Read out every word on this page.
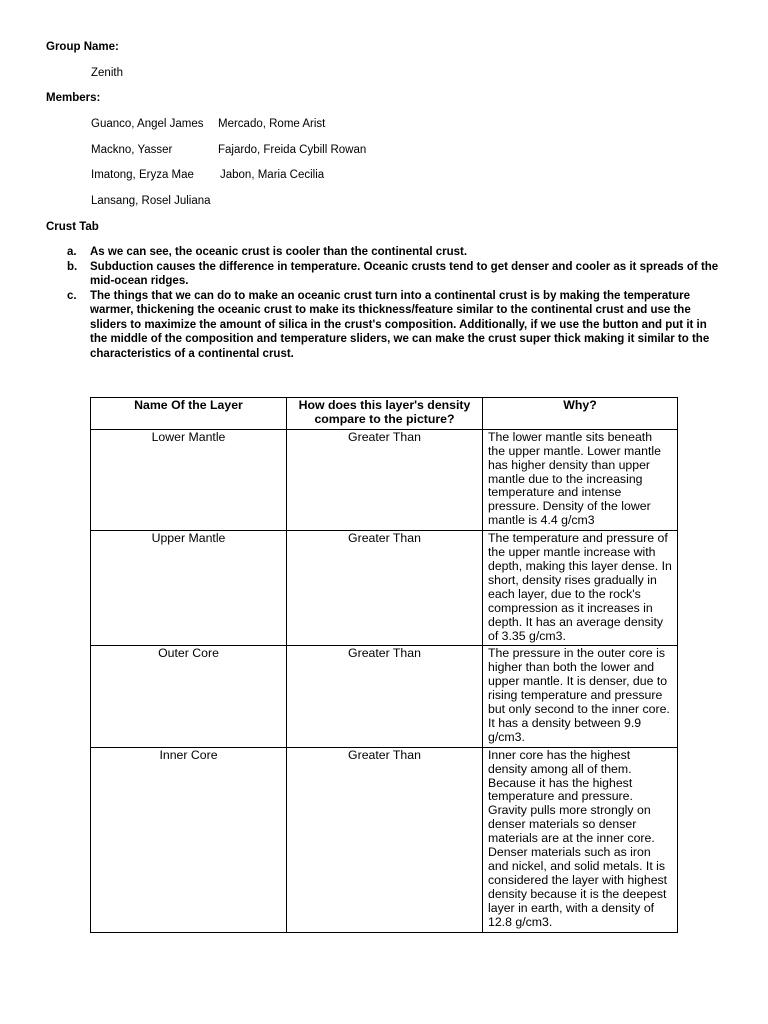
Group Name:
Zenith
Members:
Guanco, Angel James Mercado, Rome Arist
Mackno, Yasser	Fajardo, Freida Cybill Rowan
Imatong, Eryza Mae Jabon, Maria Cecilia
Lansang, Rosel Juliana
Crust Tab
a. As we can see, the oceanic crust is cooler than the continental crust.
b. Subduction causes the difference in temperature. Oceanic crusts tend to get denser and cooler as it spreads of the mid-ocean ridges.
c. The things that we can do to make an oceanic crust turn into a continental crust is by making the temperature warmer, thickening the oceanic crust to make its thickness/feature similar to the continental crust and use the sliders to maximize the amount of silica in the crust's composition. Additionally, if we use the button and put it in the middle of the composition and temperature sliders, we can make the crust super thick making it similar to the characteristics of a continental crust.
Name Of the Layer	How does this layer's density compare to the picture?	Why?
Lower Mantle	Greater Than	The lower mantle sits beneath the upper mantle. Lower mantle has higher density than upper mantle due to the increasing temperature and intense pressure. Density of the lower mantle is 4.4 g/cm3
Upper Mantle	Greater Than	The temperature and pressure of the upper mantle increase with depth, making this layer dense. In short, density rises gradually in each layer, due to the rock's compression as it increases in depth. It has an average density of 3.35 g/cm3.
Outer Core	Greater Than	The pressure in the outer core is higher than both the lower and upper mantle. It is denser, due to rising temperature and pressure but only second to the inner core. It has a density between 9.9 g/cm3.
Inner Core	Greater Than	Inner core has the highest density among all of them. Because it has the highest temperature and pressure. Gravity pulls more strongly on denser materials so denser materials are at the inner core. Denser materials such as iron and nickel, and solid metals. It is considered the layer with highest density because it is the deepest layer in earth, with a density of 12.8 g/cm3.
